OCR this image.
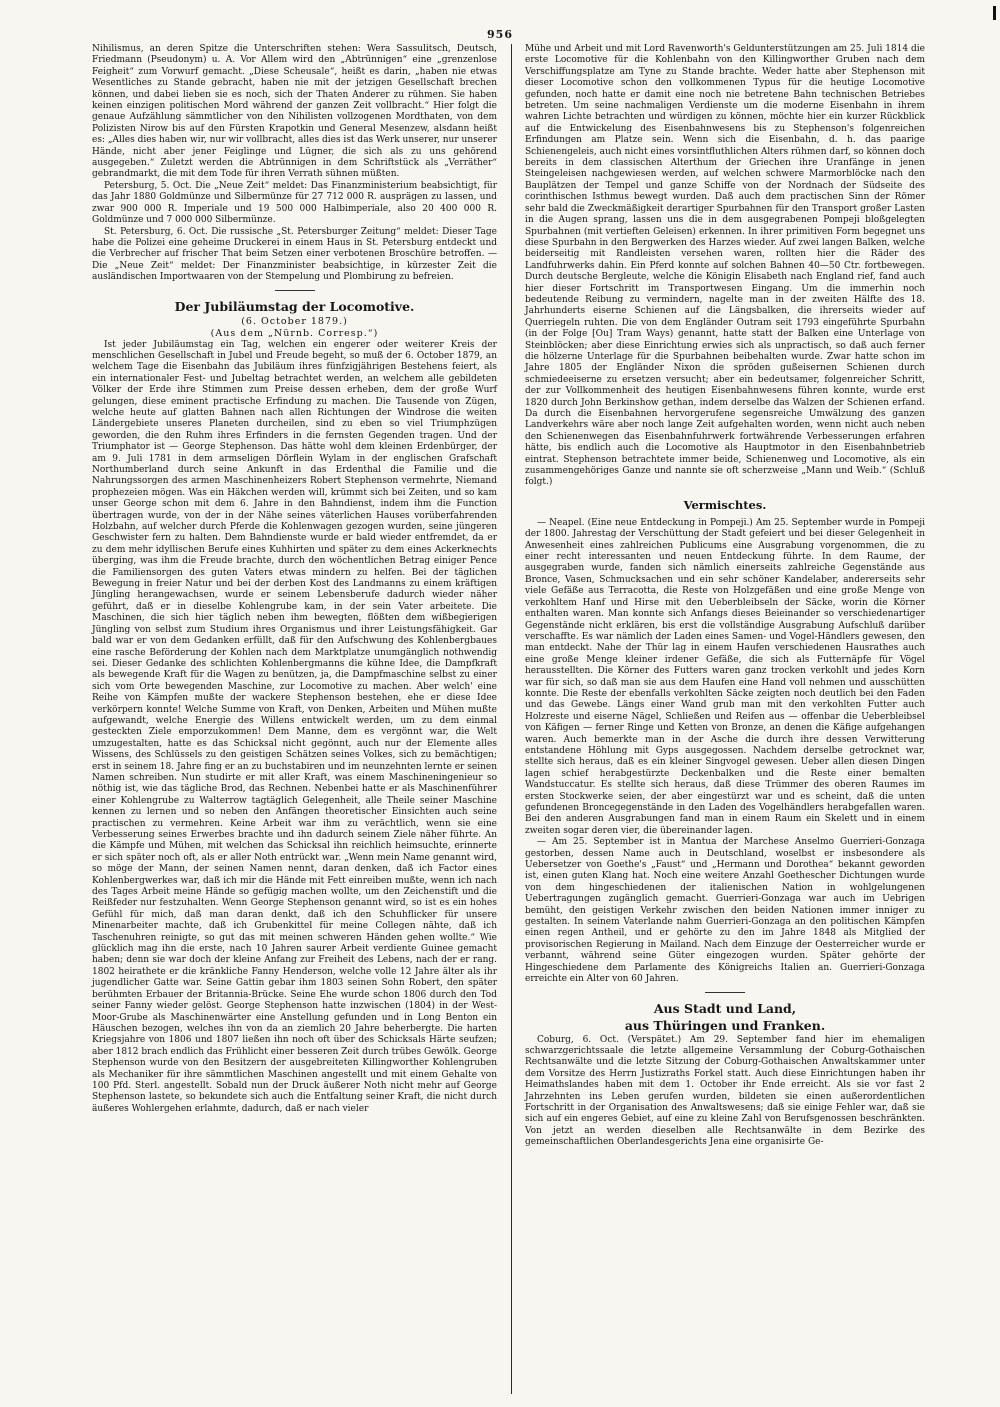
956

Nihilismus, an deren Spitze die Unterschriften stehen: Wera Sassulitsch, Deutsch, Friedmann (Pseudonym) u. A. Vor Allem wird den „Abtrünnigen“ eine „grenzenlose Feigheit“ zum Vorwurf gemacht. „Diese Scheusale“, heißt es darin, „haben nie etwas Wesentliches zu Stande gebracht, haben nie mit der jetzigen Gesellschaft brechen können, und dabei lieben sie es noch, sich der Thaten Anderer zu rühmen. Sie haben keinen einzigen politischen Mord während der ganzen Zeit vollbracht.“ Hier folgt die genaue Aufzählung sämmtlicher von den Nihilisten vollzogenen Mordthaten, von dem Polizisten Nirow bis auf den Fürsten Krapotkin und General Mesenzew, alsdann heißt es: „Alles dies haben wir, nur wir vollbracht, alles dies ist das Werk unserer, nur unserer Hände, nicht aber jener Feiglinge und Lügner, die sich als zu uns gehörend ausgegeben.“ Zuletzt werden die Abtrünnigen in dem Schriftstück als „Verräther“ gebrandmarkt, die mit dem Tode für ihren Verrath sühnen müßten.

Petersburg, 5. Oct. Die „Neue Zeit“ meldet: Das Finanzministerium beabsichtigt, für das Jahr 1880 Goldmünze und Silbermünze für 27 712 000 R. ausprägen zu lassen, und zwar 900 000 R. Imperiale und 19 500 000 Halbimperiale, also 20 400 000 R. Goldmünze und 7 000 000 Silbermünze.

St. Petersburg, 6. Oct. Die russische „St. Petersburger Zeitung“ meldet: Dieser Tage habe die Polizei eine geheime Druckerei in einem Haus in St. Petersburg entdeckt und die Verbrecher auf frischer That beim Setzen einer verbotenen Broschüre betroffen. — Die „Neue Zeit“ meldet: Der Finanzminister beabsichtige, in kürzester Zeit die ausländischen Importwaaren von der Stempelung und Plombirung zu befreien.

Der Jubiläumstag der Locomotive.

(6. October 1879.)

(Aus dem „Nürnb. Corresp.“)

Ist jeder Jubiläumstag ein Tag, welchen ein engerer oder weiterer Kreis der menschlichen Gesellschaft in Jubel und Freude begeht, so muß der 6. October 1879, an welchem Tage die Eisenbahn das Jubiläum ihres fünfzigjährigen Bestehens feiert, als ein internationaler Fest- und Jubeltag betrachtet werden, an welchem alle gebildeten Völker der Erde ihre Stimmen zum Preise dessen erheben, dem der große Wurf gelungen, diese eminent practische Erfindung zu machen. Die Tausende von Zügen, welche heute auf glatten Bahnen nach allen Richtungen der Windrose die weiten Ländergebiete unseres Planeten durcheilen, sind zu eben so viel Triumphzügen geworden, die den Ruhm ihres Erfinders in die fernsten Gegenden tragen. Und der Triumphator ist — George Stephenson. Das hätte wohl dem kleinen Erdenbürger, der am 9. Juli 1781 in dem armseligen Dörflein Wylam in der englischen Grafschaft Northumberland durch seine Ankunft in das Erdenthal die Familie und die Nahrungssorgen des armen Maschinenheizers Robert Stephenson vermehrte, Niemand prophezeien mögen. Was ein Häkchen werden will, krümmt sich bei Zeiten, und so kam unser George schon mit dem 6. Jahre in den Bahndienst, indem ihm die Function übertragen wurde, von der in der Nähe seines väterlichen Hauses vorüberfahrenden Holzbahn, auf welcher durch Pferde die Kohlenwagen gezogen wurden, seine jüngeren Geschwister fern zu halten. Dem Bahndienste wurde er bald wieder entfremdet, da er zu dem mehr idyllischen Berufe eines Kuhhirten und später zu dem eines Ackerknechts überging, was ihm die Freude brachte, durch den wöchentlichen Betrag einiger Pence die Familiensorgen des guten Vaters etwas mindern zu helfen. Bei der täglichen Bewegung in freier Natur und bei der derben Kost des Landmanns zu einem kräftigen Jüngling herangewachsen, wurde er seinem Lebensberufe dadurch wieder näher geführt, daß er in dieselbe Kohlengrube kam, in der sein Vater arbeitete. Die Maschinen, die sich hier täglich neben ihm bewegten, flößten dem wißbegierigen Jüngling von selbst zum Studium ihres Organismus und ihrer Leistungsfähigkeit. Gar bald war er von dem Gedanken erfüllt, daß für den Aufschwung des Kohlenbergbaues eine rasche Beförderung der Kohlen nach dem Marktplatze unumgänglich nothwendig sei. Dieser Gedanke des schlichten Kohlenbergmanns die kühne Idee, die Dampfkraft als bewegende Kraft für die Wagen zu benützen, ja, die Dampfmaschine selbst zu einer sich vom Orte bewegenden Maschine, zur Locomotive zu machen. Aber welch' eine Reihe von Kämpfen mußte der wackere Stephenson bestehen, ehe er diese Idee verkörpern konnte! Welche Summe von Kraft, von Denken, Arbeiten und Mühen mußte aufgewandt, welche Energie des Willens entwickelt werden, um zu dem einmal gesteckten Ziele emporzukommen! Dem Manne, dem es vergönnt war, die Welt umzugestalten, hatte es das Schicksal nicht gegönnt, auch nur der Elemente alles Wissens, des Schlüssels zu den geistigen Schätzen seines Volkes, sich zu bemächtigen; erst in seinem 18. Jahre fing er an zu buchstabiren und im neunzehnten lernte er seinen Namen schreiben. Nun studirte er mit aller Kraft, was einem Maschineningenieur so nöthig ist, wie das tägliche Brod, das Rechnen. Nebenbei hatte er als Maschinenführer einer Kohlengrube zu Walterrow tagtäglich Gelegenheit, alle Theile seiner Maschine kennen zu lernen und so neben den Anfängen theoretischer Einsichten auch seine practischen zu vermehren. Keine Arbeit war ihm zu verächtlich, wenn sie eine Verbesserung seines Erwerbes brachte und ihn dadurch seinem Ziele näher führte. An die Kämpfe und Mühen, mit welchen das Schicksal ihn reichlich heimsuchte, erinnerte er sich später noch oft, als er aller Noth entrückt war. „Wenn mein Name genannt wird, so möge der Mann, der seinen Namen nennt, daran denken, daß ich Factor eines Kohlenbergwerkes war, daß ich mir die Hände mit Fett einreiben mußte, wenn ich nach des Tages Arbeit meine Hände so gefügig machen wollte, um den Zeichenstift und die Reißfeder nur festzuhalten. Wenn George Stephenson genannt wird, so ist es ein hohes Gefühl für mich, daß man daran denkt, daß ich den Schuhflicker für unsere Minenarbeiter machte, daß ich Grubenkittel für meine Collegen nähte, daß ich Taschenuhren reinigte, so gut das mit meinen schweren Händen gehen wollte.“ Wie glücklich mag ihn die erste, nach 10 Jahren saurer Arbeit verdiente Guinee gemacht haben; denn sie war doch der kleine Anfang zur Freiheit des Lebens, nach der er rang. 1802 heirathete er die kränkliche Fanny Henderson, welche volle 12 Jahre älter als ihr jugendlicher Gatte war. Seine Gattin gebar ihm 1803 seinen Sohn Robert, den später berühmten Erbauer der Britannia-Brücke. Seine Ehe wurde schon 1806 durch den Tod seiner Fanny wieder gelöst. George Stephenson hatte inzwischen (1804) in der West-Moor-Grube als Maschinenwärter eine Anstellung gefunden und in Long Benton ein Häuschen bezogen, welches ihn von da an ziemlich 20 Jahre beherbergte. Die harten Kriegsjahre von 1806 und 1807 ließen ihn noch oft über des Schicksals Härte seufzen; aber 1812 brach endlich das Frühlicht einer besseren Zeit durch trübes Gewölk. George Stephenson wurde von den Besitzern der ausgebreiteten Killingworther Kohlengruben als Mechaniker für ihre sämmtlichen Maschinen angestellt und mit einem Gehalte von 100 Pfd. Sterl. angestellt. Sobald nun der Druck äußerer Noth nicht mehr auf George Stephenson lastete, so bekundete sich auch die Entfaltung seiner Kraft, die nicht durch äußeres Wohlergehen erlahmte, dadurch, daß er nach vieler

Mühe und Arbeit und mit Lord Ravenworth's Geldunterstützungen am 25. Juli 1814 die erste Locomotive für die Kohlenbahn von den Killingworther Gruben nach dem Verschiffungsplatze am Tyne zu Stande brachte. Weder hatte aber Stephenson mit dieser Locomotive schon den vollkommenen Typus für die heutige Locomotive gefunden, noch hatte er damit eine noch nie betretene Bahn technischen Betriebes betreten. Um seine nachmaligen Verdienste um die moderne Eisenbahn in ihrem wahren Lichte betrachten und würdigen zu können, möchte hier ein kurzer Rückblick auf die Entwickelung des Eisenbahnwesens bis zu Stephenson's folgenreichen Erfindungen am Platze sein. Wenn sich die Eisenbahn, d. h. das paarige Schienengeleis, auch nicht eines vorsintfluthlichen Alters rühmen darf, so können doch bereits in dem classischen Alterthum der Griechen ihre Uranfänge in jenen Steingeleisen nachgewiesen werden, auf welchen schwere Marmorblöcke nach den Bauplätzen der Tempel und ganze Schiffe von der Nordnach der Südseite des corinthischen Isthmus bewegt wurden. Daß auch dem practischen Sinn der Römer sehr bald die Zweckmäßigkeit derartiger Spurbahnen für den Transport großer Lasten in die Augen sprang, lassen uns die in dem ausgegrabenen Pompeji bloßgelegten Spurbahnen (mit vertieften Geleisen) erkennen. In ihrer primitiven Form begegnet uns diese Spurbahn in den Bergwerken des Harzes wieder. Auf zwei langen Balken, welche beiderseitig mit Randleisten versehen waren, rollten hier die Räder des Landfuhrwerks dahin. Ein Pferd konnte auf solchen Bahnen 40—50 Ctr. fortbewegen. Durch deutsche Bergleute, welche die Königin Elisabeth nach England rief, fand auch hier dieser Fortschritt im Transportwesen Eingang. Um die immerhin noch bedeutende Reibung zu vermindern, nagelte man in der zweiten Hälfte des 18. Jahrhunderts eiserne Schienen auf die Längsbalken, die ihrerseits wieder auf Querriegeln ruhten. Die von dem Engländer Outram seit 1793 eingeführte Spurbahn (in der Folge [Ou] Tram Ways) genannt, hatte statt der Balken eine Unterlage von Steinblöcken; aber diese Einrichtung erwies sich als unpractisch, so daß auch ferner die hölzerne Unterlage für die Spurbahnen beibehalten wurde. Zwar hatte schon im Jahre 1805 der Engländer Nixon die spröden gußeisernen Schienen durch schmiedeeiserne zu ersetzen versucht; aber ein bedeutsamer, folgenreicher Schritt, der zur Vollkommenheit des heutigen Eisenbahnwesens führen konnte, wurde erst 1820 durch John Berkinshow gethan, indem derselbe das Walzen der Schienen erfand. Da durch die Eisenbahnen hervorgerufene segensreiche Umwälzung des ganzen Landverkehrs wäre aber noch lange Zeit aufgehalten worden, wenn nicht auch neben den Schienenwegen das Eisenbahnfuhrwerk fortwährende Verbesserungen erfahren hätte, bis endlich auch die Locomotive als Hauptmotor in den Eisenbahnbetrieb eintrat. Stephenson betrachtete immer beide, Schienenweg und Locomotive, als ein zusammengehöriges Ganze und nannte sie oft scherzweise „Mann und Weib.“ (Schluß folgt.)

Vermischtes.

— Neapel. (Eine neue Entdeckung in Pompeji.) Am 25. September wurde in Pompeji der 1800. Jahrestag der Verschüttung der Stadt gefeiert und bei dieser Gelegenheit in Anwesenheit eines zahlreichen Publicums eine Ausgrabung vorgenommen, die zu einer recht interessanten und neuen Entdeckung führte. In dem Raume, der ausgegraben wurde, fanden sich nämlich einerseits zahlreiche Gegenstände aus Bronce, Vasen, Schmucksachen und ein sehr schöner Kandelaber, andererseits sehr viele Gefäße aus Terracotta, die Reste von Holzgefäßen und eine große Menge von verkohltem Hanf und Hirse mit den Ueberbleibseln der Säcke, worin die Körner enthalten waren. Man konnte sich Anfangs dieses Beieinander so verschiedenartiger Gegenstände nicht erklären, bis erst die vollständige Ausgrabung Aufschluß darüber verschaffte. Es war nämlich der Laden eines Samen- und Vogel-Händlers gewesen, den man entdeckt. Nahe der Thür lag in einem Haufen verschiedenen Hausrathes auch eine große Menge kleiner irdener Gefäße, die sich als Futternäpfe für Vögel herausstellten. Die Körner des Futters waren ganz trocken verkohlt und jedes Korn war für sich, so daß man sie aus dem Haufen eine Hand voll nehmen und ausschütten konnte. Die Reste der ebenfalls verkohlten Säcke zeigten noch deutlich bei den Faden und das Gewebe. Längs einer Wand grub man mit den verkohlten Futter auch Holzreste und eiserne Nägel, Schließen und Reifen aus — offenbar die Ueberbleibsel von Käfigen — ferner Ringe und Ketten von Bronze, an denen die Käfige aufgehangen waren. Auch bemerkte man in der Asche die durch ihre dessen Verwitterung entstandene Höhlung mit Gyps ausgegossen. Nachdem derselbe getrocknet war, stellte sich heraus, daß es ein kleiner Singvogel gewesen. Ueber allen diesen Dingen lagen schief herabgestürzte Deckenbalken und die Reste einer bemalten Wandstuccatur. Es stellte sich heraus, daß diese Trümmer des oberen Raumes im ersten Stockwerke seien, der aber eingestürzt war und es scheint, daß die unten gefundenen Broncegegenstände in den Laden des Vogelhändlers herabgefallen waren. Bei den anderen Ausgrabungen fand man in einem Raum ein Skelett und in einem zweiten sogar deren vier, die übereinander lagen.

— Am 25. September ist in Mantua der Marchese Anselmo Guerrieri-Gonzaga gestorben, dessen Name auch in Deutschland, woselbst er insbesondere als Uebersetzer von Goethe's „Faust“ und „Hermann und Dorothea“ bekannt geworden ist, einen guten Klang hat. Noch eine weitere Anzahl Goethescher Dichtungen wurde von dem hingeschiedenen der italienischen Nation in wohlgelungenen Uebertragungen zugänglich gemacht. Guerrieri-Gonzaga war auch im Uebrigen bemüht, den geistigen Verkehr zwischen den beiden Nationen immer inniger zu gestalten. In seinem Vaterlande nahm Guerrieri-Gonzaga an den politischen Kämpfen einen regen Antheil, und er gehörte zu den im Jahre 1848 als Mitglied der provisorischen Regierung in Mailand. Nach dem Einzuge der Oesterreicher wurde er verbannt, während seine Güter eingezogen wurden. Später gehörte der Hingeschiedene dem Parlamente des Königreichs Italien an. Guerrieri-Gonzaga erreichte ein Alter von 60 Jahren.

Aus Stadt und Land,
aus Thüringen und Franken.

Coburg, 6. Oct. (Verspätet.) Am 29. September fand hier im ehemaligen schwarzgerichtssaale die letzte allgemeine Versammlung der Coburg-Gothaischen Rechtsanwälte und die letzte Sitzung der Coburg-Gothaischen Anwaltskammer unter dem Vorsitze des Herrn Justizraths Forkel statt. Auch diese Einrichtungen haben ihr Heimathslandes haben mit dem 1. October ihr Ende erreicht. Als sie vor fast 2 Jahrzehnten ins Leben gerufen wurden, bildeten sie einen außerordentlichen Fortschritt in der Organisation des Anwaltswesens; daß sie einige Fehler war, daß sie sich auf ein engeres Gebiet, auf eine zu kleine Zahl von Berufsgenossen beschränkten. Von jetzt an werden dieselben alle Rechtsanwälte in dem Bezirke des gemeinschaftlichen Oberlandesgerichts Jena eine organisirte Ge-
